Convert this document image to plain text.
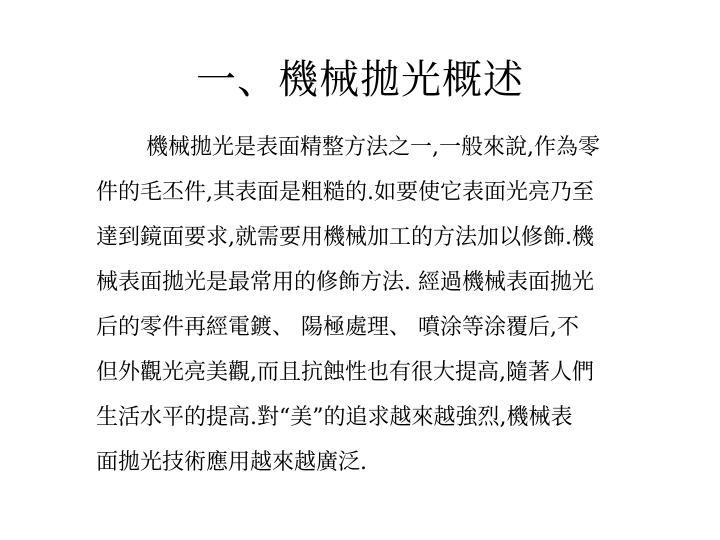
一、機械拋光概述
機械拋光是表面精整方法之一,一般來說,作為零
件的毛丕件,其表面是粗糙的.如要使它表面光亮乃至
達到鏡面要求,就需要用機械加工的方法加以修飾.機
械表面拋光是最常用的修飾方法. 經過機械表面拋光
后的零件再經電鍍、 陽極處理、 噴涂等涂覆后,不
但外觀光亮美觀,而且抗蝕性也有很大提高,隨著人們
生活水平的提高.對“美”的追求越來越強烈,機械表
面拋光技術應用越來越廣泛.
